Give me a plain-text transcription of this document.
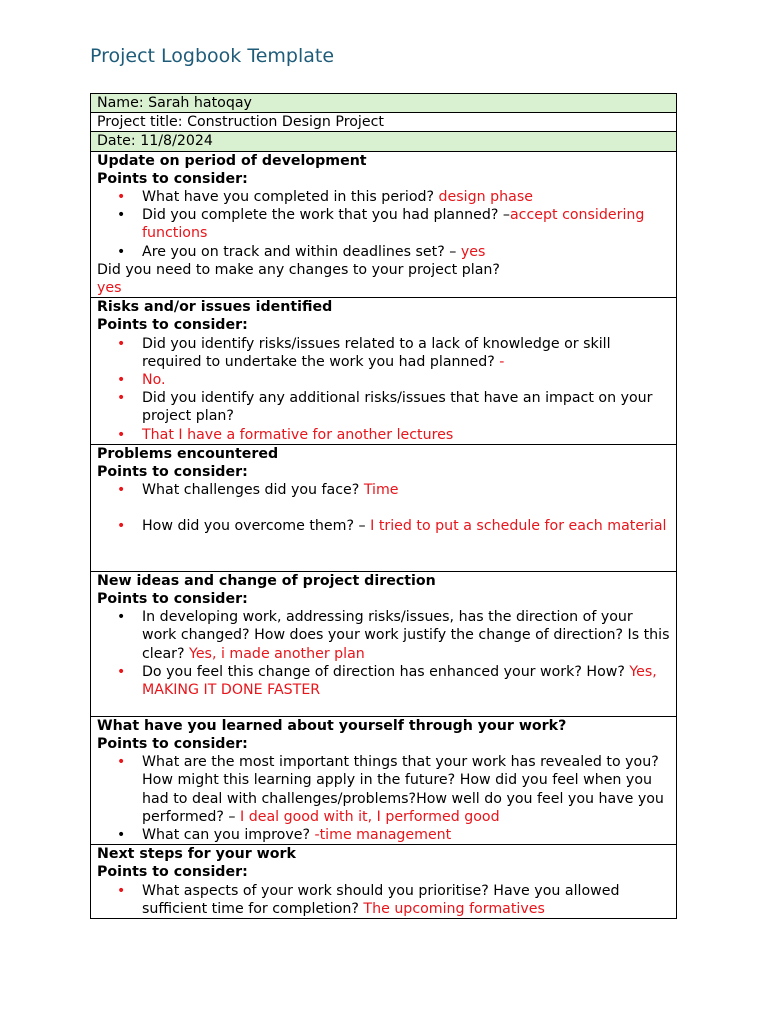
Project Logbook Template
Name: Sarah hatoqay
Project title: Construction Design Project
Date: 11/8/2024

Update on period of development
Points to consider:
• What have you completed in this period? design phase
• Did you complete the work that you had planned? –accept considering functions
• Are you on track and within deadlines set? – yes
Did you need to make any changes to your project plan?
yes

Risks and/or issues identified
Points to consider:
• Did you identify risks/issues related to a lack of knowledge or skill required to undertake the work you had planned? -
• No.
• Did you identify any additional risks/issues that have an impact on your project plan?
• That I have a formative for another lectures

Problems encountered
Points to consider:
• What challenges did you face? Time
• How did you overcome them? – I tried to put a schedule for each material

New ideas and change of project direction
Points to consider:
• In developing work, addressing risks/issues, has the direction of your work changed? How does your work justify the change of direction? Is this clear? Yes, i made another plan
• Do you feel this change of direction has enhanced your work? How? Yes, MAKING IT DONE FASTER

What have you learned about yourself through your work?
Points to consider:
• What are the most important things that your work has revealed to you? How might this learning apply in the future? How did you feel when you had to deal with challenges/problems?How well do you feel you have you performed? – I deal good with it, I performed good
• What can you improve? -time management

Next steps for your work
Points to consider:
• What aspects of your work should you prioritise? Have you allowed sufficient time for completion? The upcoming formatives
